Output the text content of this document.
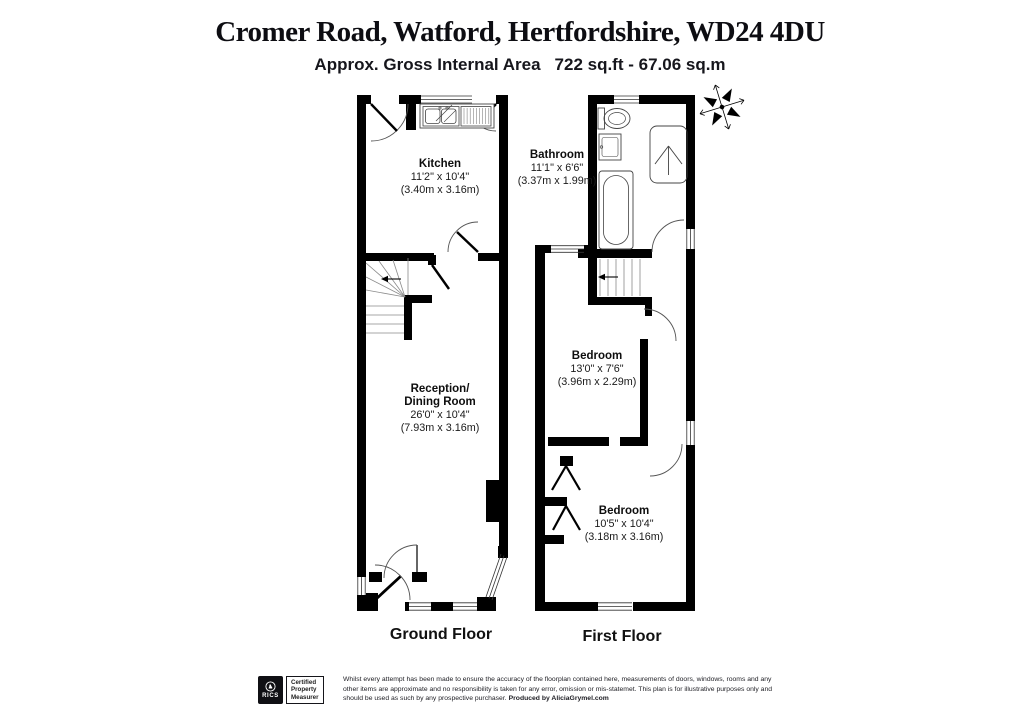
Cromer Road, Watford, Hertfordshire, WD24 4DU
Approx. Gross Internal Area 722 sq.ft - 67.06 sq.m
Kitchen
11'2" x 10'4"
(3.40m x 3.16m)
Reception/
Dining Room
26'0" x 10'4"
(7.93m x 3.16m)
Bathroom
11'1" x 6'6"
(3.37m x 1.99m)
Bedroom
13'0" x 7'6"
(3.96m x 2.29m)
Bedroom
10'5" x 10'4"
(3.18m x 3.16m)
Ground Floor	First Floor
RICS
Certified
Property
Measurer
Whilst every attempt has been made to ensure the accuracy of the floorplan contained here, measurements of doors, windows, rooms and any other items are approximate and no responsibility is taken for any error, omission or mis-statemet. This plan is for illustrative purposes only and should be used as such by any prospective purchaser. Produced by AliciaGrymel.com
